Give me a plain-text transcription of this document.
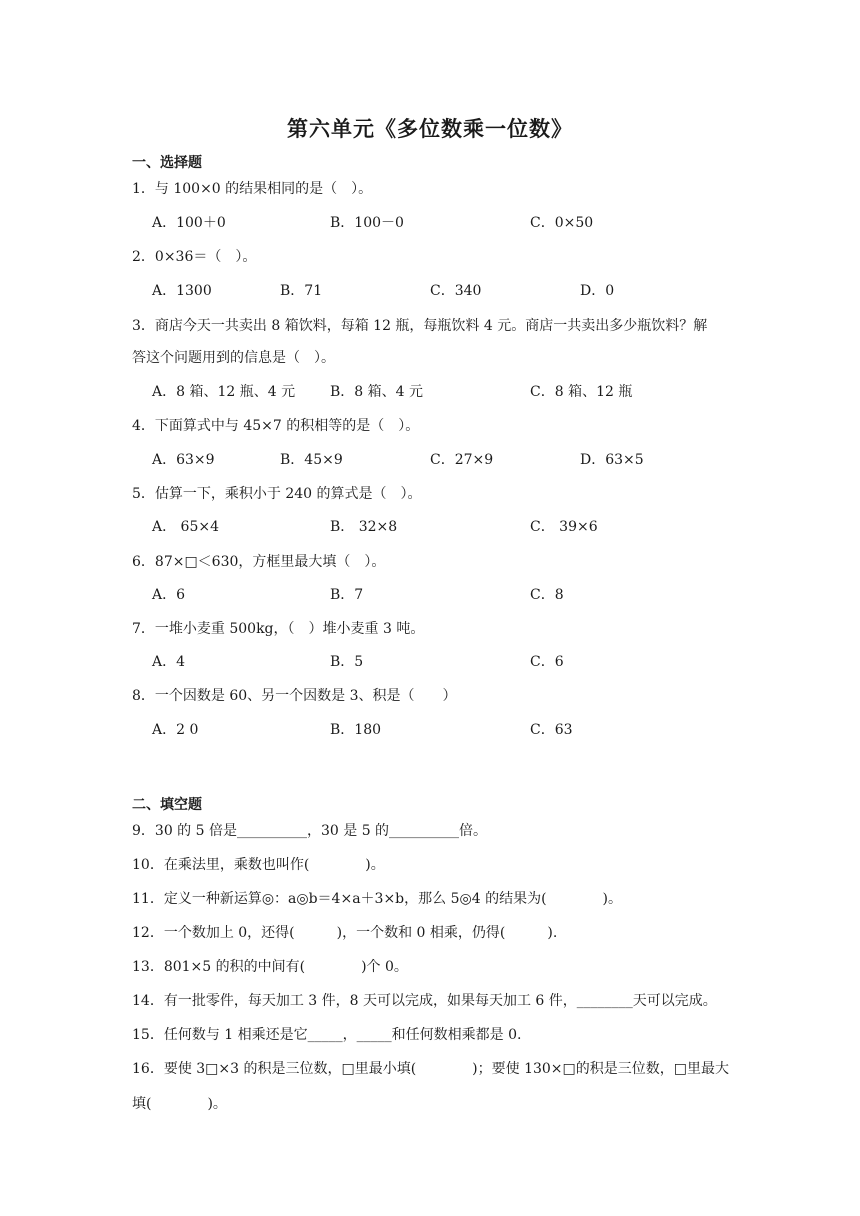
第六单元《多位数乘一位数》
一、选择题
1．与 100×0 的结果相同的是（　）。
A．100＋0	B．100－0	C．0×50
2．0×36＝（　）。
A．1300	B．71	C．340	D．0
3．商店今天一共卖出 8 箱饮料，每箱 12 瓶，每瓶饮料 4 元。商店一共卖出多少瓶饮料？解
答这个问题用到的信息是（　）。
A．8 箱、12 瓶、4 元 B．8 箱、4 元	C．8 箱、12 瓶
4．下面算式中与 45×7 的积相等的是（　）。
A．63×9	B．45×9	C．27×9	D．63×5
5．估算一下，乘积小于 240 的算式是（　）。
A． 65×4	B． 32×8	C． 39×6
6．87×□＜630，方框里最大填（　）。
A．6	B．7	C．8
7．一堆小麦重 500kg，（　）堆小麦重 3 吨。
A．4	B．5	C．6
8．一个因数是 60、另一个因数是 3、积是（　　）
A．2 0	B．180	C．63
二、填空题
9．30 的 5 倍是__________，30 是 5 的__________倍。
10．在乘法里，乘数也叫作(　　　　)。
11．定义一种新运算◎：a◎b＝4×a＋3×b，那么 5◎4 的结果为(　　　　)。
12．一个数加上 0，还得(　　　)，一个数和 0 相乘，仍得(　　　).
13．801×5 的积的中间有(　　　　)个 0。
14．有一批零件，每天加工 3 件，8 天可以完成，如果每天加工 6 件，________天可以完成。
15．任何数与 1 相乘还是它_____，_____和任何数相乘都是 0.
16．要使 3□×3 的积是三位数，□里最小填(　　　　)；要使 130×□的积是三位数，□里最大
填(　　　　)。
